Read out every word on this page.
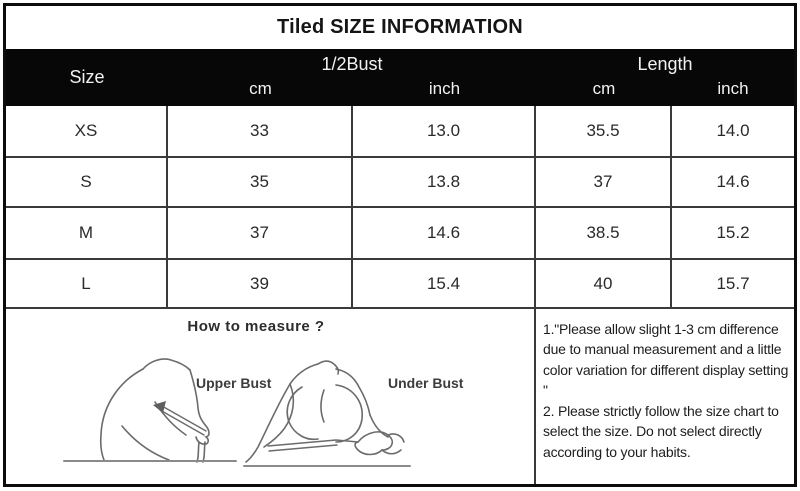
Tiled SIZE INFORMATION
Size
1/2Bust	Length
cm	inch	cm	inch
XS	33	13.0	35.5	14.0
S	35	13.8	37	14.6
M	37	14.6	38.5	15.2
L	39	15.4	40	15.7
How to measure ?
Upper Bust	Under Bust

1."Please allow slight 1-3 cm difference due to manual measurement and a little color variation for different display setting "

2. Please strictly follow the size chart to select the size. Do not select directly according to your habits.
